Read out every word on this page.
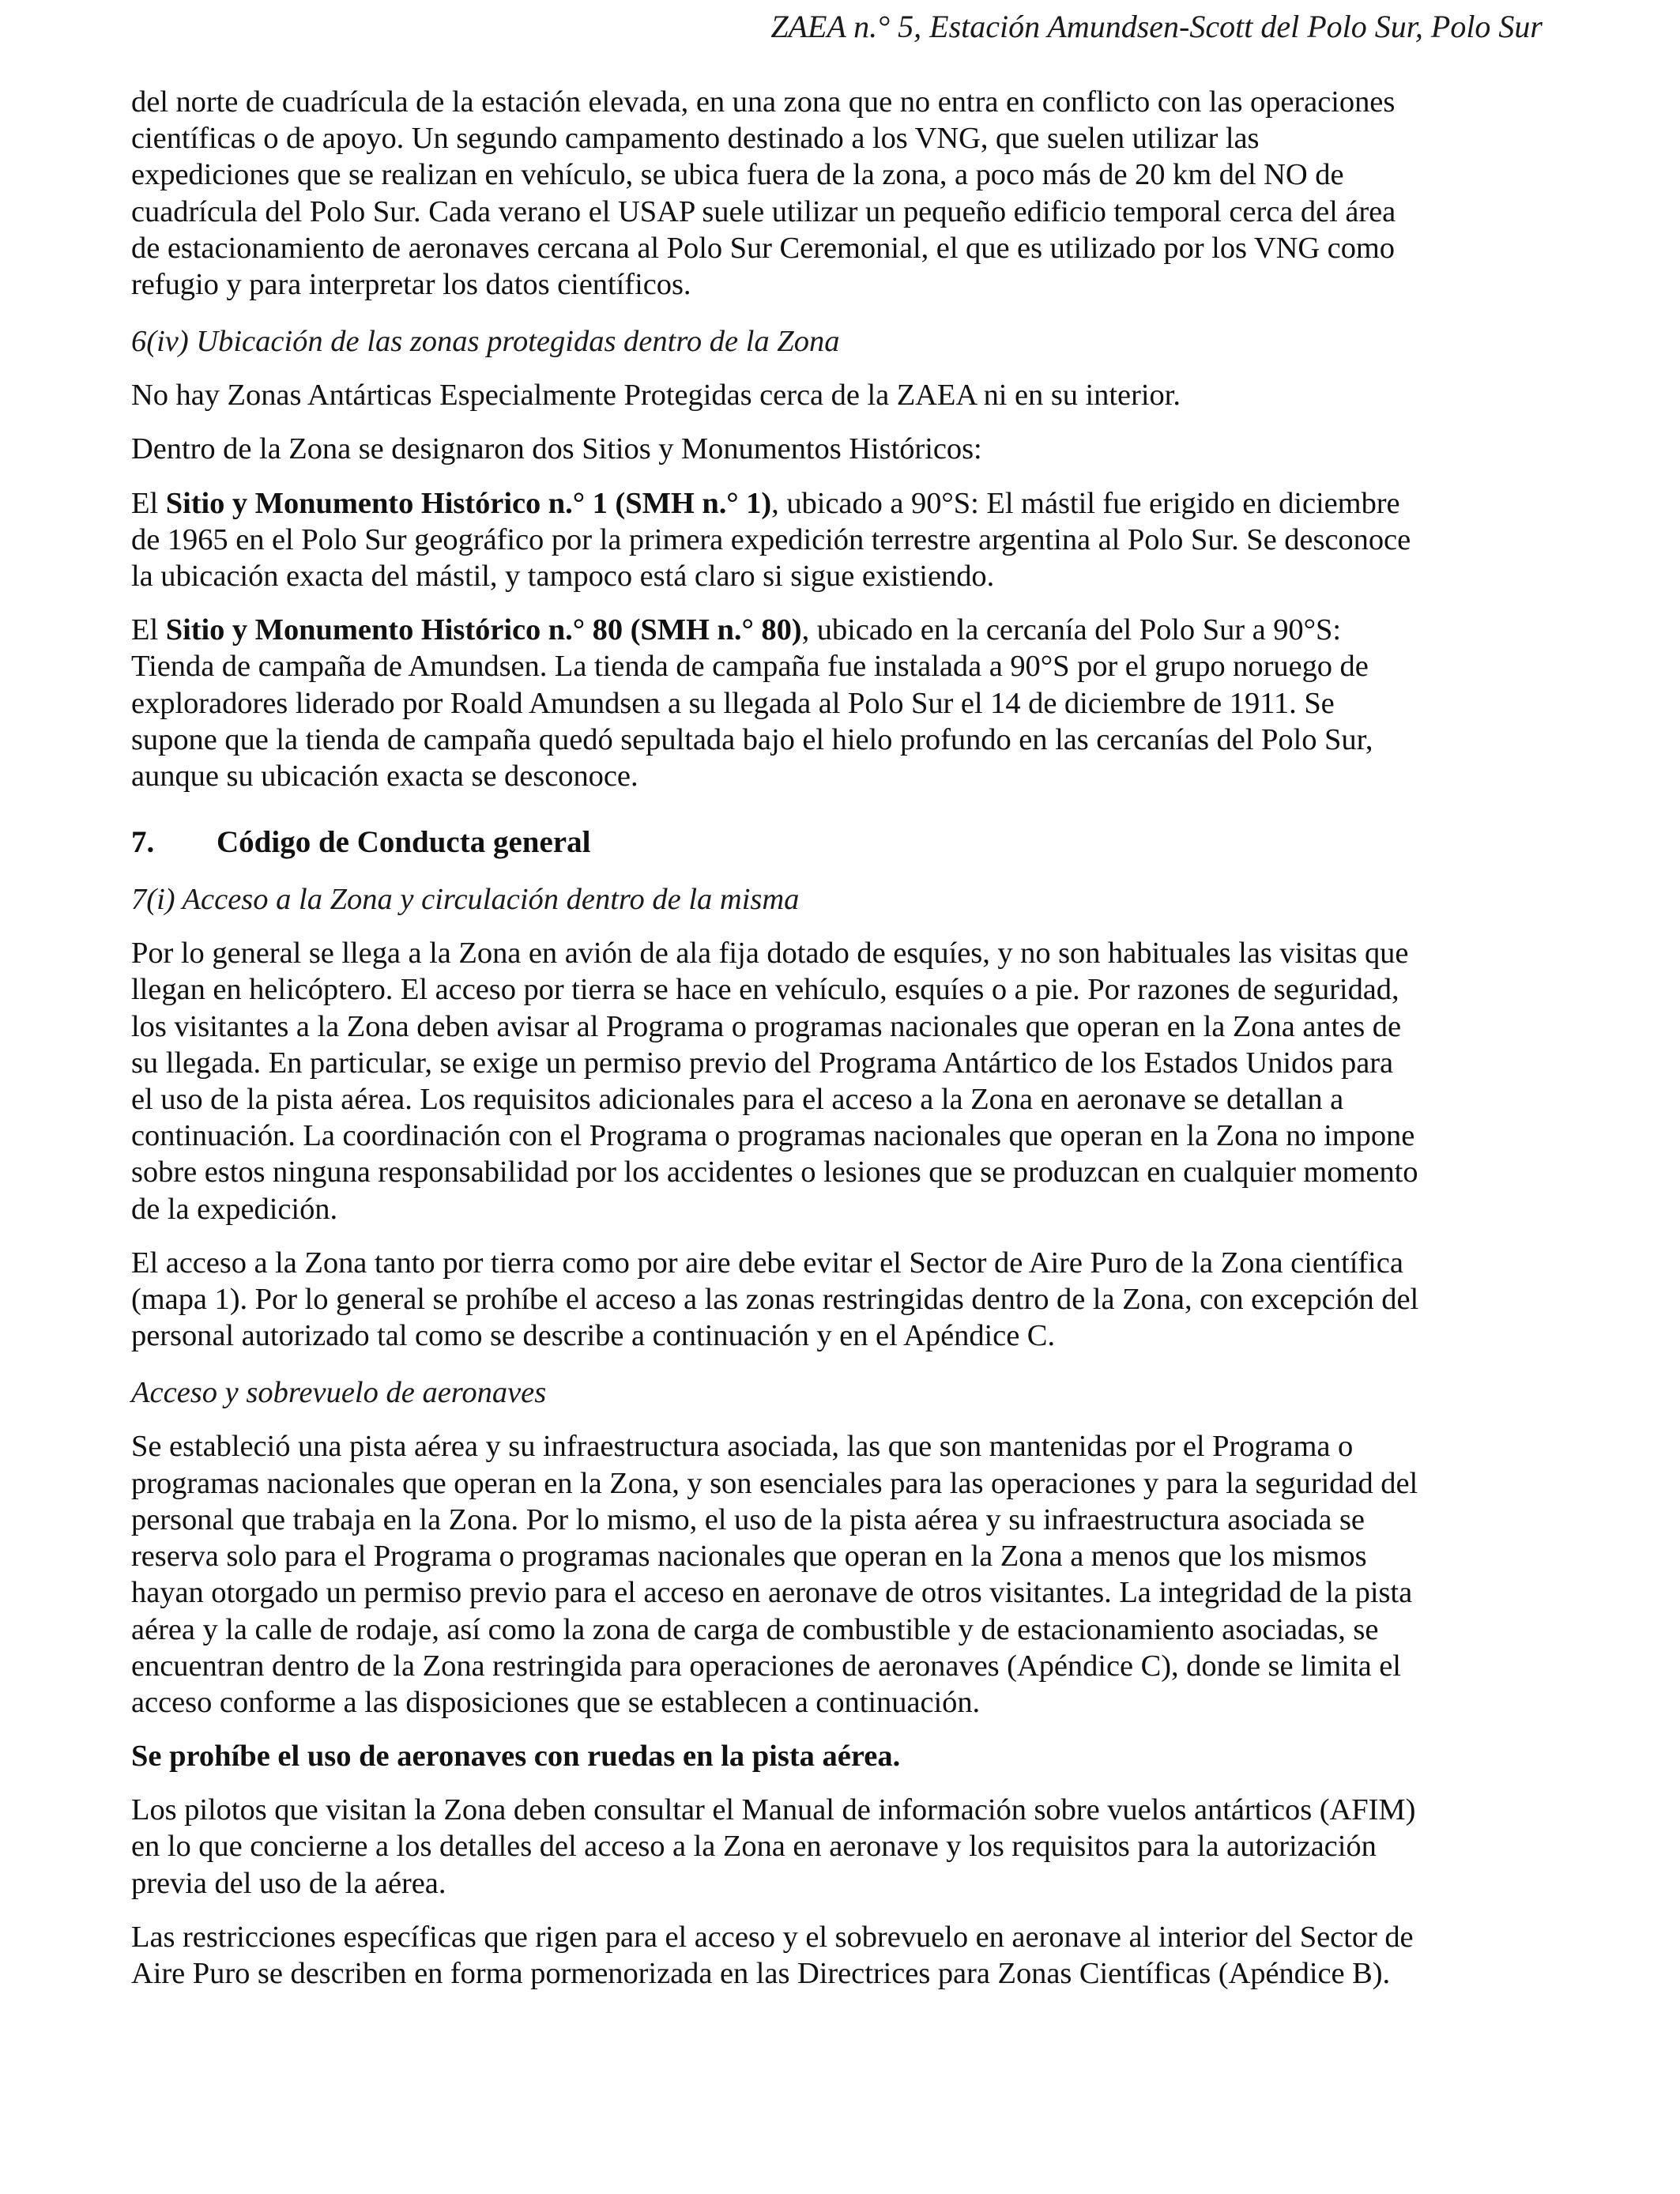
ZAEA n.° 5, Estación Amundsen-Scott del Polo Sur, Polo Sur

del norte de cuadrícula de la estación elevada, en una zona que no entra en conflicto con las operaciones
científicas o de apoyo. Un segundo campamento destinado a los VNG, que suelen utilizar las
expediciones que se realizan en vehículo, se ubica fuera de la zona, a poco más de 20 km del NO de
cuadrícula del Polo Sur. Cada verano el USAP suele utilizar un pequeño edificio temporal cerca del área
de estacionamiento de aeronaves cercana al Polo Sur Ceremonial, el que es utilizado por los VNG como
refugio y para interpretar los datos científicos.

6(iv) Ubicación de las zonas protegidas dentro de la Zona

No hay Zonas Antárticas Especialmente Protegidas cerca de la ZAEA ni en su interior.

Dentro de la Zona se designaron dos Sitios y Monumentos Históricos:

El Sitio y Monumento Histórico n.° 1 (SMH n.° 1), ubicado a 90°S: El mástil fue erigido en diciembre
de 1965 en el Polo Sur geográfico por la primera expedición terrestre argentina al Polo Sur. Se desconoce
la ubicación exacta del mástil, y tampoco está claro si sigue existiendo.

El Sitio y Monumento Histórico n.° 80 (SMH n.° 80), ubicado en la cercanía del Polo Sur a 90°S:
Tienda de campaña de Amundsen. La tienda de campaña fue instalada a 90°S por el grupo noruego de
exploradores liderado por Roald Amundsen a su llegada al Polo Sur el 14 de diciembre de 1911. Se
supone que la tienda de campaña quedó sepultada bajo el hielo profundo en las cercanías del Polo Sur,
aunque su ubicación exacta se desconoce.

7. Código de Conducta general
7(i) Acceso a la Zona y circulación dentro de la misma

Por lo general se llega a la Zona en avión de ala fija dotado de esquíes, y no son habituales las visitas que
llegan en helicóptero. El acceso por tierra se hace en vehículo, esquíes o a pie. Por razones de seguridad,
los visitantes a la Zona deben avisar al Programa o programas nacionales que operan en la Zona antes de
su llegada. En particular, se exige un permiso previo del Programa Antártico de los Estados Unidos para
el uso de la pista aérea. Los requisitos adicionales para el acceso a la Zona en aeronave se detallan a
continuación. La coordinación con el Programa o programas nacionales que operan en la Zona no impone
sobre estos ninguna responsabilidad por los accidentes o lesiones que se produzcan en cualquier momento
de la expedición.

El acceso a la Zona tanto por tierra como por aire debe evitar el Sector de Aire Puro de la Zona científica
(mapa 1). Por lo general se prohíbe el acceso a las zonas restringidas dentro de la Zona, con excepción del
personal autorizado tal como se describe a continuación y en el Apéndice C.

Acceso y sobrevuelo de aeronaves

Se estableció una pista aérea y su infraestructura asociada, las que son mantenidas por el Programa o
programas nacionales que operan en la Zona, y son esenciales para las operaciones y para la seguridad del
personal que trabaja en la Zona. Por lo mismo, el uso de la pista aérea y su infraestructura asociada se
reserva solo para el Programa o programas nacionales que operan en la Zona a menos que los mismos
hayan otorgado un permiso previo para el acceso en aeronave de otros visitantes. La integridad de la pista
aérea y la calle de rodaje, así como la zona de carga de combustible y de estacionamiento asociadas, se
encuentran dentro de la Zona restringida para operaciones de aeronaves (Apéndice C), donde se limita el
acceso conforme a las disposiciones que se establecen a continuación.

Se prohíbe el uso de aeronaves con ruedas en la pista aérea.

Los pilotos que visitan la Zona deben consultar el Manual de información sobre vuelos antárticos (AFIM)
en lo que concierne a los detalles del acceso a la Zona en aeronave y los requisitos para la autorización
previa del uso de la aérea.

Las restricciones específicas que rigen para el acceso y el sobrevuelo en aeronave al interior del Sector de
Aire Puro se describen en forma pormenorizada en las Directrices para Zonas Científicas (Apéndice B).
